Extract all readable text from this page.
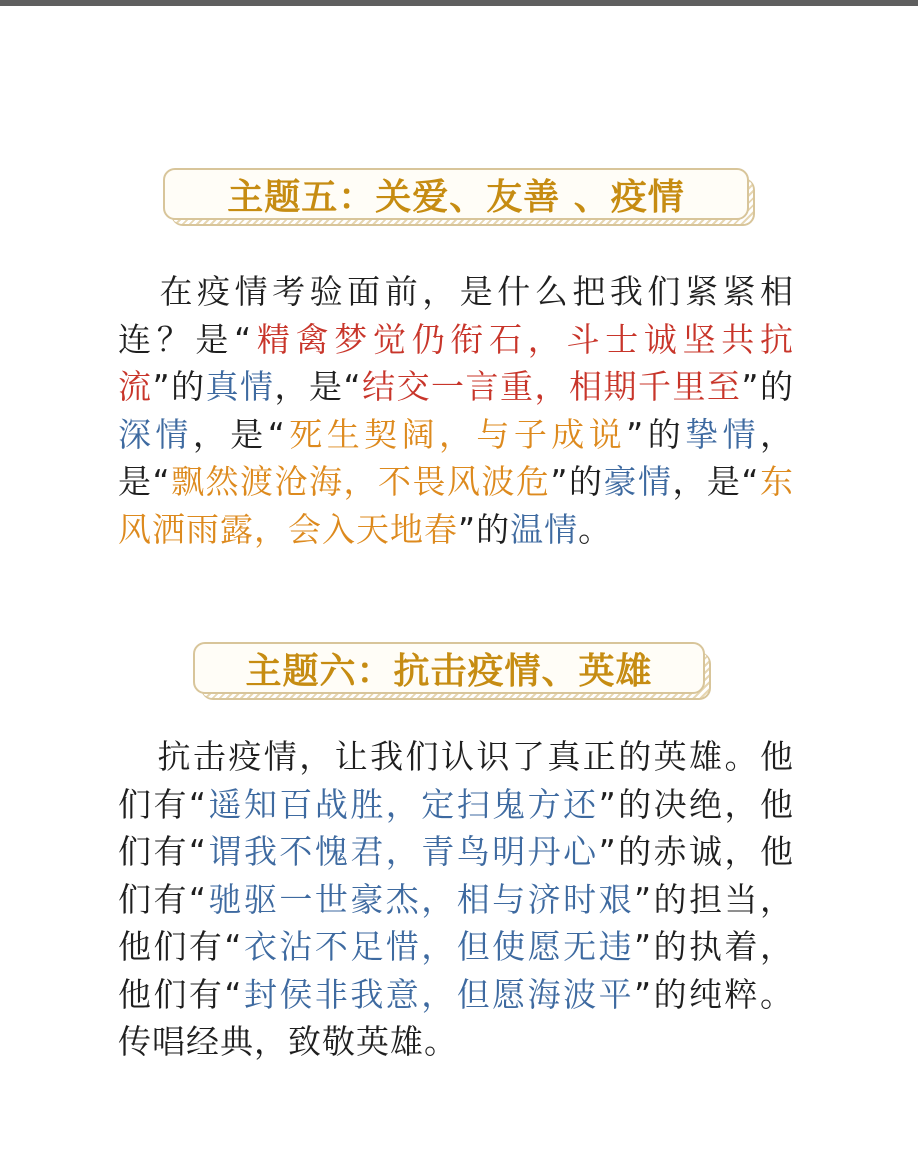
主题五：关爱、友善 、疫情
在疫情考验面前，是什么把我们紧紧相连？是“精禽梦觉仍衔石，斗士诚坚共抗流”的真情，是“结交一言重，相期千里至”的深情，是“死生契阔，与子成说”的挚情，是“飘然渡沧海，不畏风波危”的豪情，是“东风洒雨露，会入天地春”的温情。
主题六：抗击疫情、英雄
抗击疫情，让我们认识了真正的英雄。他们有“遥知百战胜，定扫鬼方还”的决绝，他们有“谓我不愧君，青鸟明丹心”的赤诚，他们有“驰驱一世豪杰，相与济时艰”的担当，他们有“衣沾不足惜，但使愿无违”的执着，他们有“封侯非我意，但愿海波平”的纯粹。传唱经典，致敬英雄。
